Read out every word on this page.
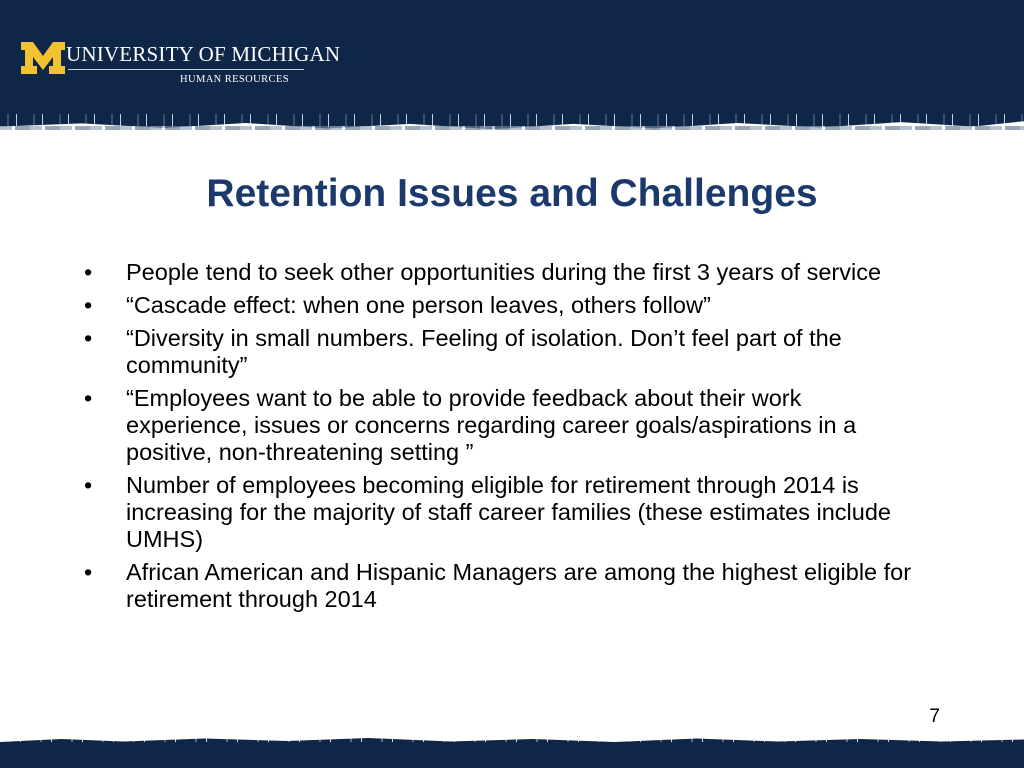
UNIVERSITY OF MICHIGAN
HUMAN RESOURCES
Retention Issues and Challenges
•	People tend to seek other opportunities during the first 3 years of service
•	“Cascade effect: when one person leaves, others follow”
•	“Diversity in small numbers. Feeling of isolation. Don’t feel part of the community”
•	“Employees want to be able to provide feedback about their work experience, issues or concerns regarding career goals/aspirations in a positive, non-threatening setting ”
•	Number of employees becoming eligible for retirement through 2014 is increasing for the majority of staff career families (these estimates include UMHS)
•	African American and Hispanic Managers are among the highest eligible for retirement through 2014
7
